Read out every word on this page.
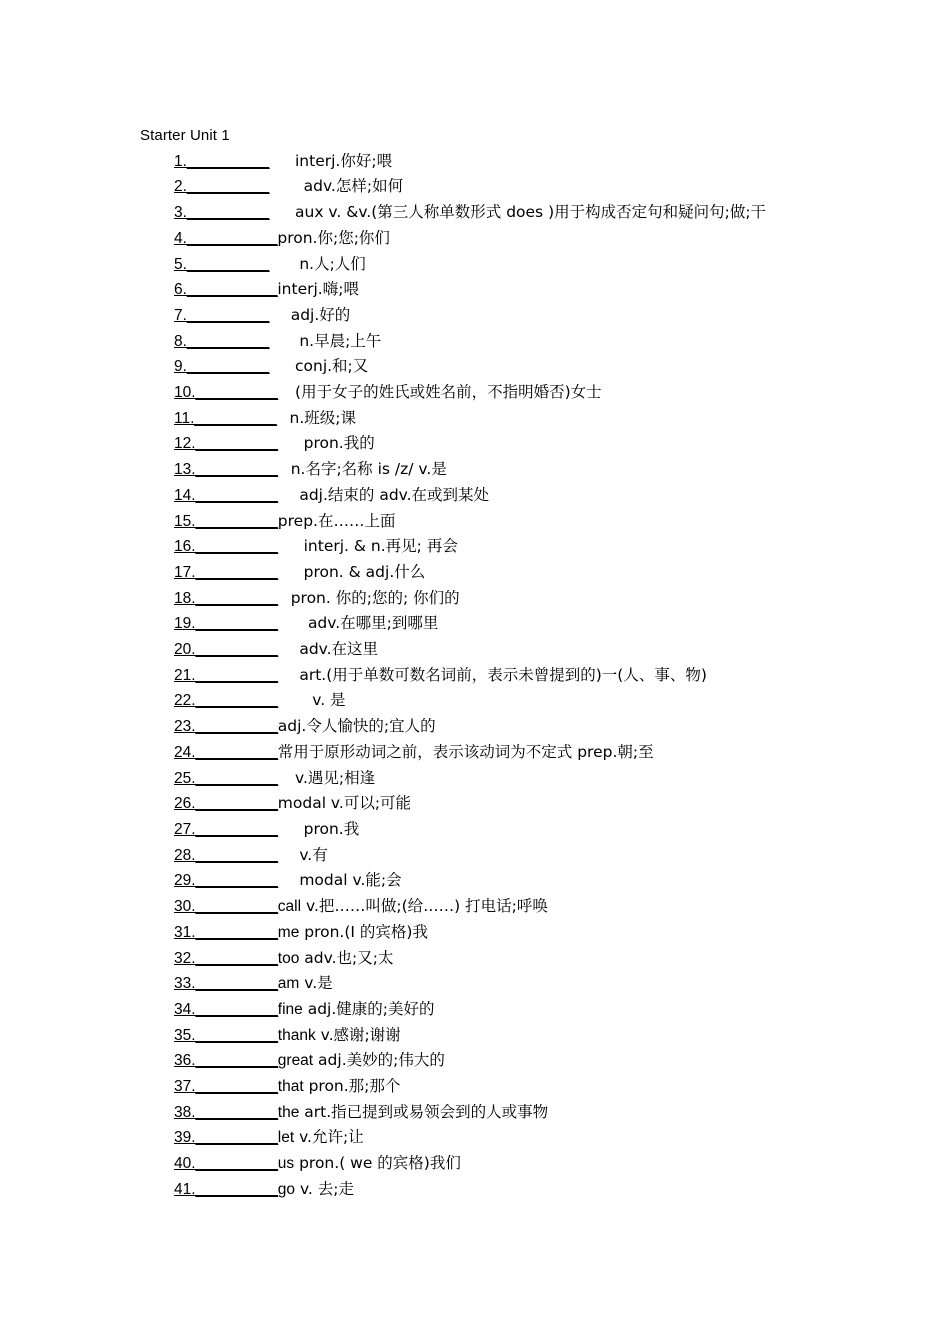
Starter Unit 1
1.__________ interj.你好;喂
2.__________ adv.怎样;如何
3.__________ aux v. &v.(第三人称单数形式 does )用于构成否定句和疑问句;做;干
4.___________pron.你;您;你们
5.__________ n.人;人们
6.___________interj.嗨;喂
7.__________ adj.好的
8.__________ n.早晨;上午
9.__________ conj.和;又
10.__________ (用于女子的姓氏或姓名前，不指明婚否)女士
11.__________ n.班级;课
12.__________ pron.我的
13.__________ n.名字;名称 is /z/ v.是
14.__________ adj.结束的 adv.在或到某处
15.__________prep.在……上面
16.__________ interj. & n.再见; 再会
17.__________ pron. & adj.什么
18.__________ pron. 你的;您的; 你们的
19.__________ adv.在哪里;到哪里
20.__________ adv.在这里
21.__________ art.(用于单数可数名词前，表示未曾提到的)一(人、事、物)
22.__________ v. 是
23.__________adj.令人愉快的;宜人的
24.__________常用于原形动词之前，表示该动词为不定式 prep.朝;至
25.__________ v.遇见;相逢
26.__________modal v.可以;可能
27.__________ pron.我
28.__________ v.有
29.__________ modal v.能;会
30.__________call v.把……叫做;(给……) 打电话;呼唤
31.__________me pron.(I 的宾格)我
32.__________too adv.也;又;太
33.__________am v.是
34.__________fine adj.健康的;美好的
35.__________thank v.感谢;谢谢
36.__________great adj.美妙的;伟大的
37.__________that pron.那;那个
38.__________the art.指已提到或易领会到的人或事物
39.__________let v.允许;让
40.__________us pron.( we 的宾格)我们
41.__________go v. 去;走
